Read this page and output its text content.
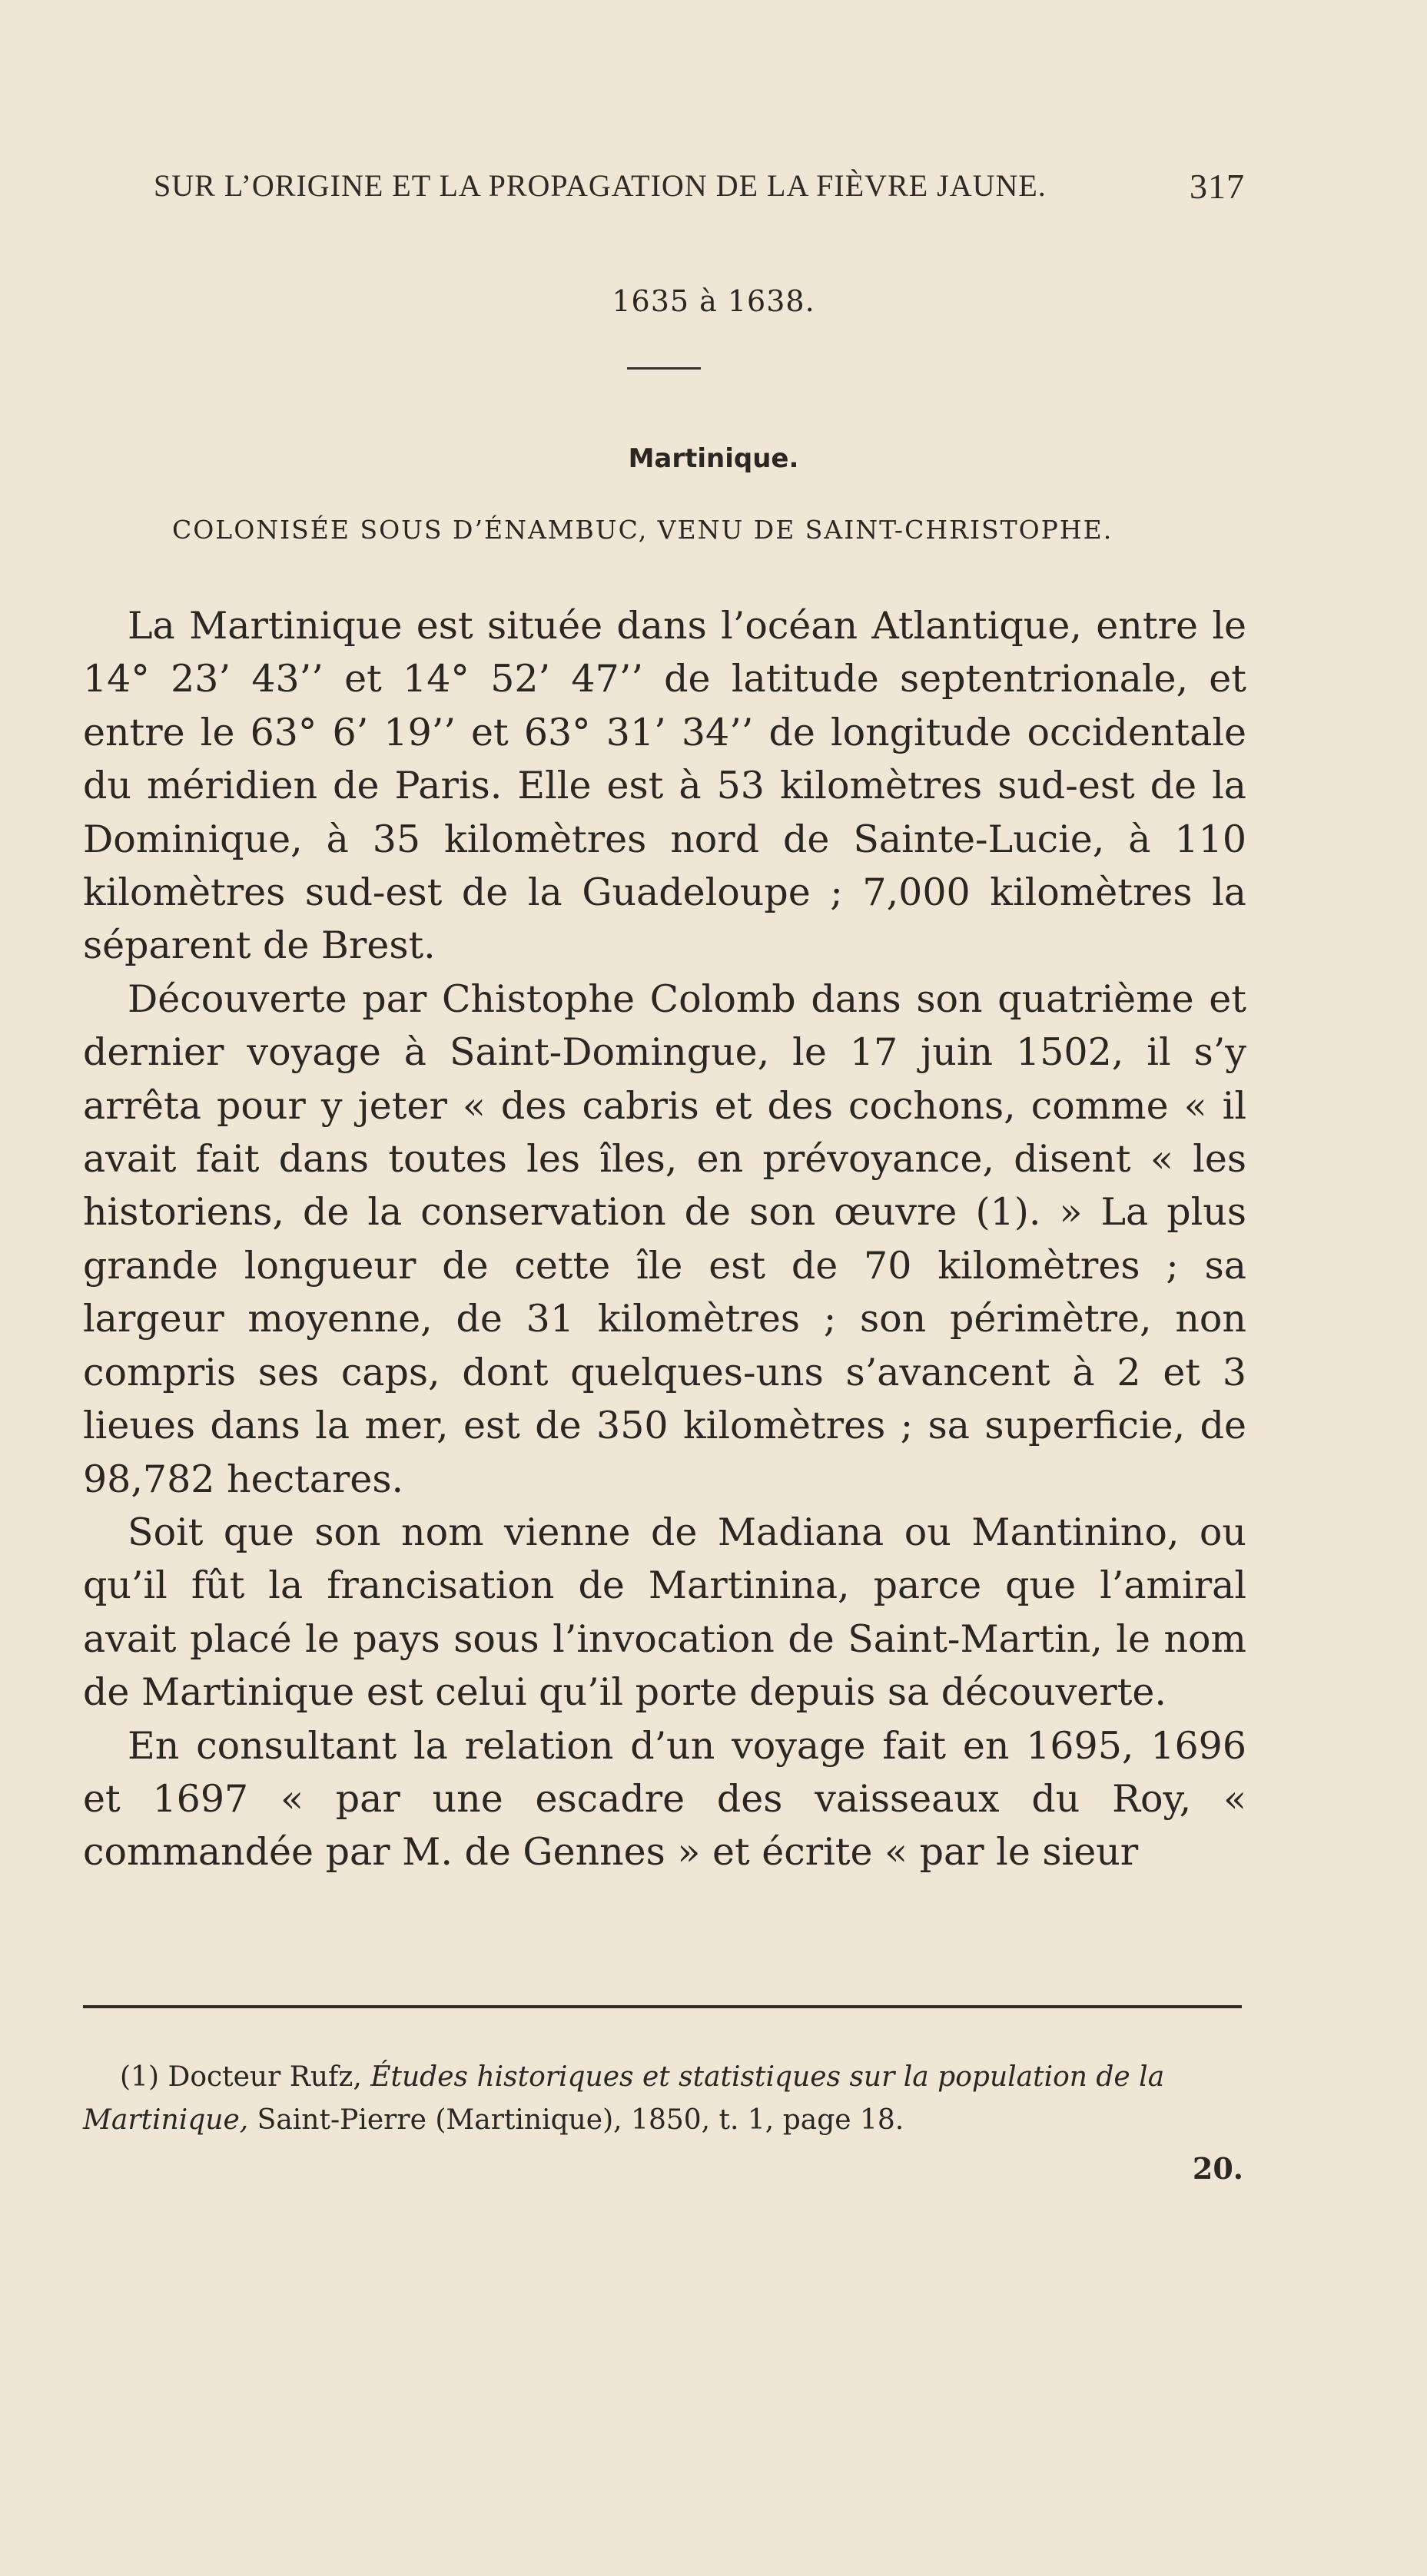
SUR L’ORIGINE ET LA PROPAGATION DE LA FIÈVRE JAUNE.	317
1635 à 1638.
Martinique.
COLONISÉE SOUS D’ÉNAMBUC, VENU DE SAINT-CHRISTOPHE.

La Martinique est située dans l’océan Atlantique, entre le 14° 23’ 43’’ et 14° 52’ 47’’ de latitude septentrionale, et entre le 63° 6’ 19’’ et 63° 31’ 34’’ de longitude occidentale du méridien de Paris. Elle est à 53 kilomètres sud-est de la Dominique, à 35 kilomètres nord de Sainte-Lucie, à 110 kilomètres sud-est de la Guadeloupe ; 7,000 kilomètres la séparent de Brest.

Découverte par Chistophe Colomb dans son quatrième et dernier voyage à Saint-Domingue, le 17 juin 1502, il s’y arrêta pour y jeter « des cabris et des cochons, comme « il avait fait dans toutes les îles, en prévoyance, disent « les historiens, de la conservation de son œuvre (1). » La plus grande longueur de cette île est de 70 kilomètres ; sa largeur moyenne, de 31 kilomètres ; son périmètre, non compris ses caps, dont quelques-uns s’avancent à 2 et 3 lieues dans la mer, est de 350 kilomètres ; sa superficie, de 98,782 hectares.

Soit que son nom vienne de Madiana ou Mantinino, ou qu’il fût la francisation de Martinina, parce que l’amiral avait placé le pays sous l’invocation de Saint-Martin, le nom de Martinique est celui qu’il porte depuis sa découverte.

En consultant la relation d’un voyage fait en 1695, 1696 et 1697 « par une escadre des vaisseaux du Roy, « commandée par M. de Gennes » et écrite « par le sieur

(1) Docteur Rufz, Études historiques et statistiques sur la population de la Martinique, Saint-Pierre (Martinique), 1850, t. 1, page 18.

20.
